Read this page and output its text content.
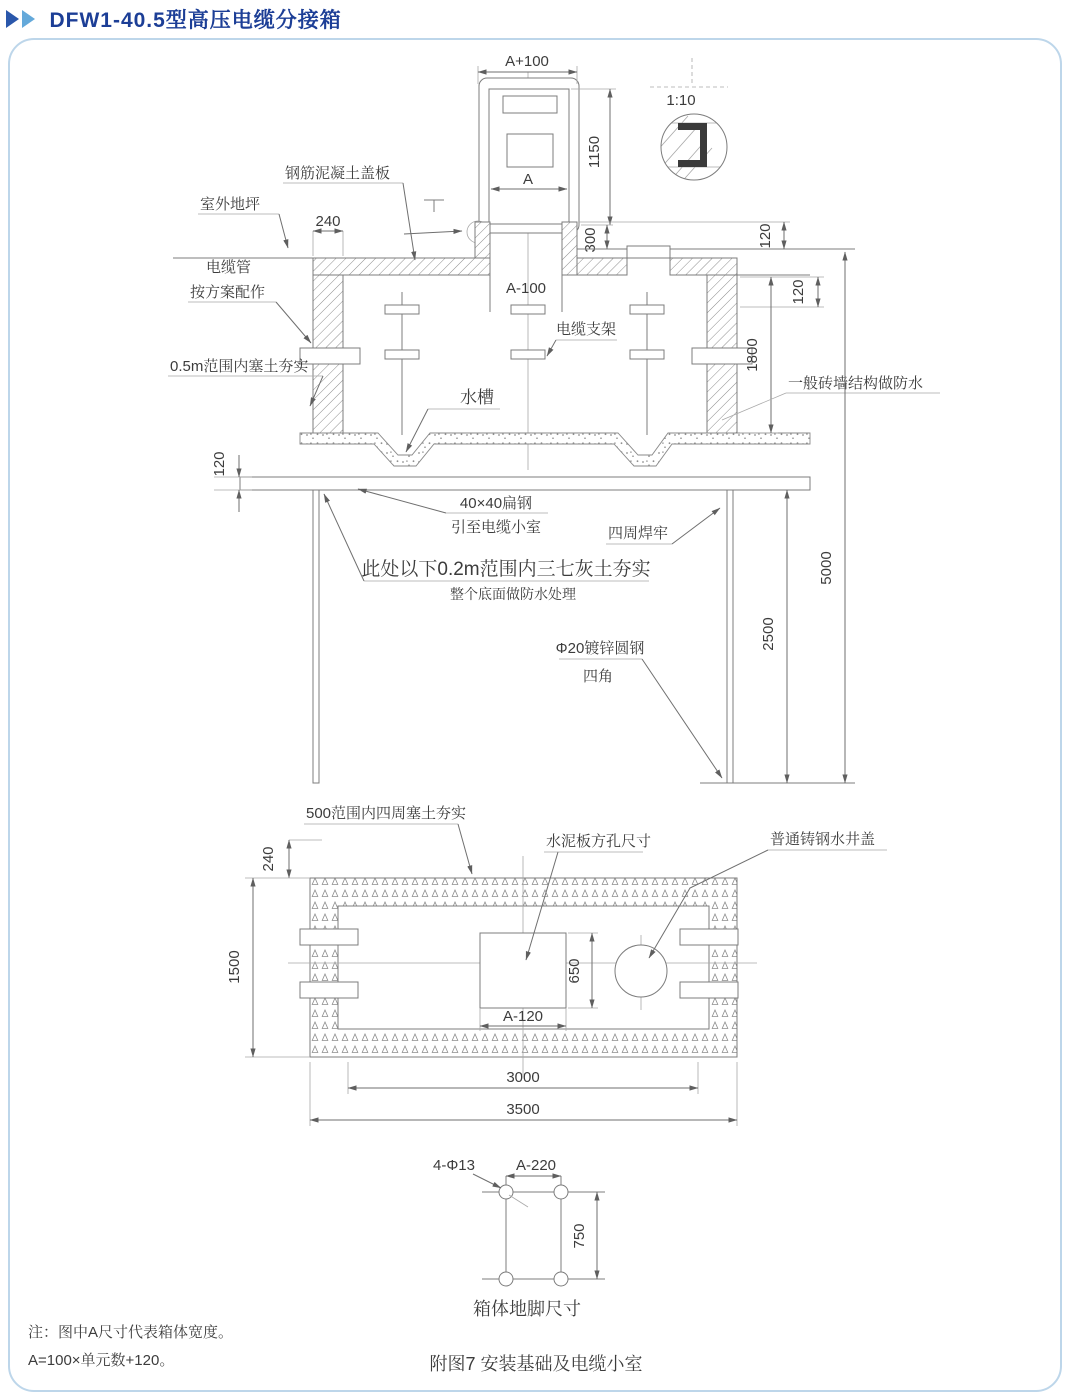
DFW1-40.5型高压电缆分接箱
A
A+100
1150
300
1:10
A-100
钢筋泥凝土盖板
室外地坪
240
电缆管
按方案配作
0.5m范围内塞土夯实
水槽
电缆支架
120
120
1800
一般砖墙结构做防水
5000
2500
120
40×40扁钢
引至电缆小室	四周焊牢
此处以下0.2m范围内三七灰土夯实
整个底面做防水处理
Φ20镀锌圆钢
四角
650
A-120
240
1500
3000
3500
500范围内四周塞土夯实
水泥板方孔尺寸	普通铸钢水井盖
A-220
4-Φ13
750
箱体地脚尺寸
注：图中A尺寸代表箱体宽度。
A=100×单元数+120。	附图7 安装基础及电缆小室
